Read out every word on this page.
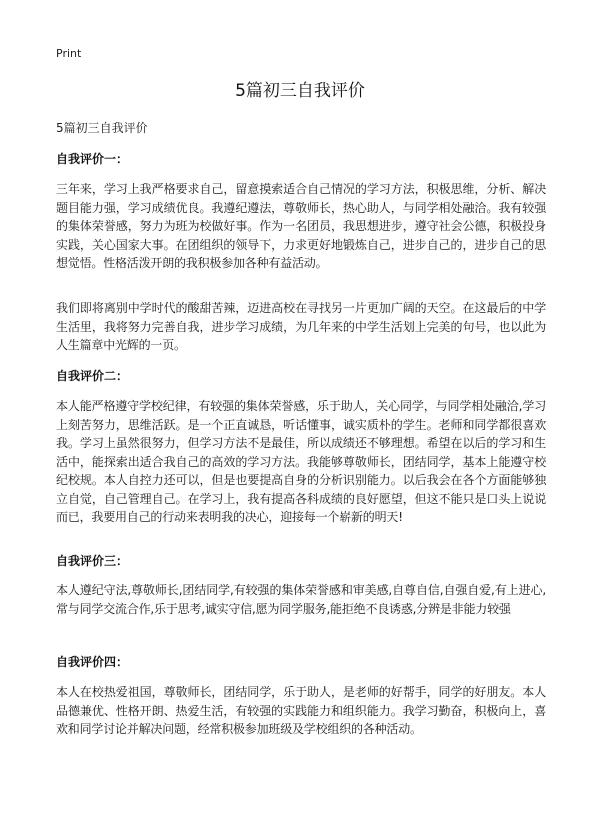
Print
5篇初三自我评价
5篇初三自我评价
自我评价一：

三年来，学习上我严格要求自己，留意摸索适合自己情况的学习方法，积极思维，分析、解决题目能力强，学习成绩优良。我遵纪遵法，尊敬师长，热心助人，与同学相处融洽。我有较强的集体荣誉感，努力为班为校做好事。作为一名团员，我思想进步，遵守社会公德，积极投身实践，关心国家大事。在团组织的领导下，力求更好地锻炼自己，进步自己的，进步自己的思想觉悟。性格活泼开朗的我积极参加各种有益活动。

我们即将离别中学时代的酸甜苦辣，迈进高校在寻找另一片更加广阔的天空。在这最后的中学生活里，我将努力完善自我，进步学习成绩，为几年来的中学生活划上完美的句号，也以此为人生篇章中光辉的一页。

自我评价二：

本人能严格遵守学校纪律，有较强的集体荣誉感，乐于助人，关心同学，与同学相处融洽,学习上刻苦努力，思维活跃。是一个正直诚恳，听话懂事，诚实质朴的学生。老师和同学都很喜欢我。学习上虽然很努力，但学习方法不是最佳，所以成绩还不够理想。希望在以后的学习和生活中，能探索出适合我自己的高效的学习方法。我能够尊敬师长，团结同学，基本上能遵守校纪校规。本人自控力还可以，但是也要提高自身的分析识别能力。以后我会在各个方面能够独立自觉，自己管理自己。在学习上，我有提高各科成绩的良好愿望，但这不能只是口头上说说而已，我要用自己的行动来表明我的决心，迎接每一个崭新的明天!

自我评价三：

本人遵纪守法,尊敬师长,团结同学,有较强的集体荣誉感和审美感,自尊自信,自强自爱,有上进心,常与同学交流合作,乐于思考,诚实守信,愿为同学服务,能拒绝不良诱惑,分辨是非能力较强

自我评价四：

本人在校热爱祖国，尊敬师长，团结同学，乐于助人，是老师的好帮手，同学的好朋友。本人品德兼优、性格开朗、热爱生活，有较强的实践能力和组织能力。我学习勤奋，积极向上，喜欢和同学讨论并解决问题，经常积极参加班级及学校组织的各种活动。
